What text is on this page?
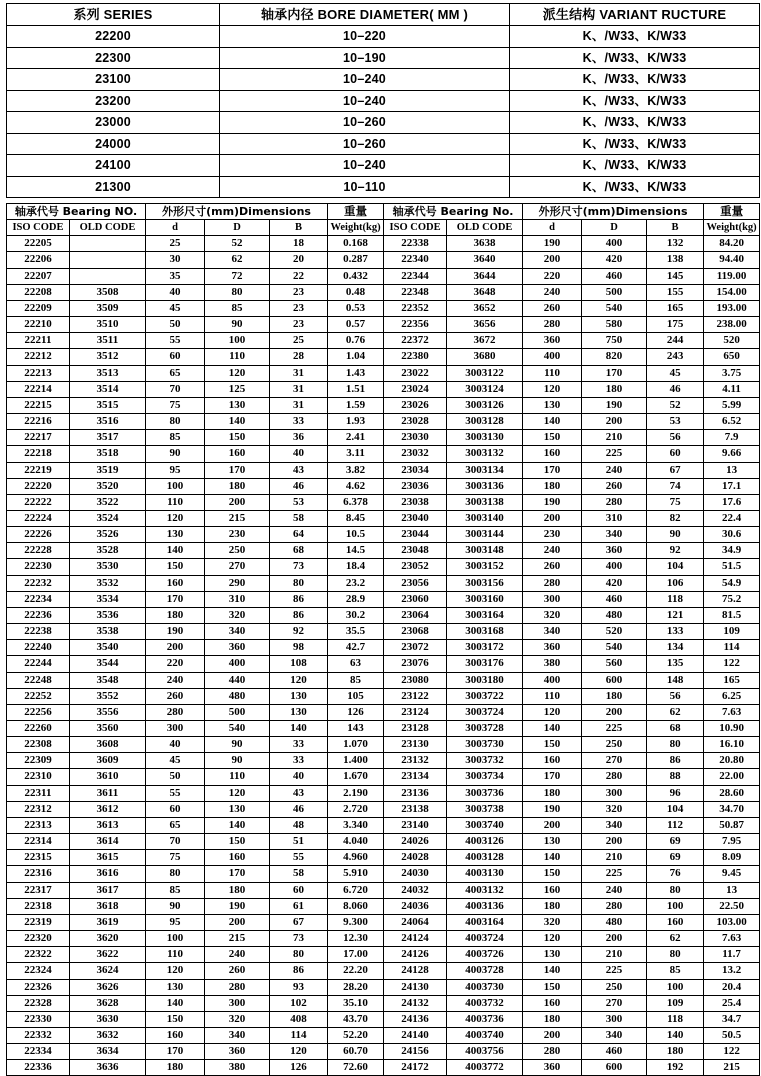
系列 SERIES	轴承内径 BORE DIAMETER( MM )	派生结构 VARIANT RUCTURE
22200	10–220	K、/W33、K/W33
22300	10–190	K、/W33、K/W33
23100	10–240	K、/W33、K/W33
23200	10–240	K、/W33、K/W33
23000	10–260	K、/W33、K/W33
24000	10–260	K、/W33、K/W33
24100	10–240	K、/W33、K/W33
21300	10–110	K、/W33、K/W33
轴承代号 Bearing NO.		外形尺寸(mm)Dimensions			重量	轴承代号 Bearing No.		外形尺寸(mm)Dimensions			重量
ISO CODE	OLD CODE	d	D	B	Weight(kg)	ISO CODE	OLD CODE	d	D	B	Weight(kg)
22205		25	52	18	0.168	22338	3638	190	400	132	84.20
22206		30	62	20	0.287	22340	3640	200	420	138	94.40
22207		35	72	22	0.432	22344	3644	220	460	145	119.00
22208	3508	40	80	23	0.48	22348	3648	240	500	155	154.00
22209	3509	45	85	23	0.53	22352	3652	260	540	165	193.00
22210	3510	50	90	23	0.57	22356	3656	280	580	175	238.00
22211	3511	55	100	25	0.76	22372	3672	360	750	244	520
22212	3512	60	110	28	1.04	22380	3680	400	820	243	650
22213	3513	65	120	31	1.43	23022	3003122	110	170	45	3.75
22214	3514	70	125	31	1.51	23024	3003124	120	180	46	4.11
22215	3515	75	130	31	1.59	23026	3003126	130	190	52	5.99
22216	3516	80	140	33	1.93	23028	3003128	140	200	53	6.52
22217	3517	85	150	36	2.41	23030	3003130	150	210	56	7.9
22218	3518	90	160	40	3.11	23032	3003132	160	225	60	9.66
22219	3519	95	170	43	3.82	23034	3003134	170	240	67	13
22220	3520	100	180	46	4.62	23036	3003136	180	260	74	17.1
22222	3522	110	200	53	6.378	23038	3003138	190	280	75	17.6
22224	3524	120	215	58	8.45	23040	3003140	200	310	82	22.4
22226	3526	130	230	64	10.5	23044	3003144	230	340	90	30.6
22228	3528	140	250	68	14.5	23048	3003148	240	360	92	34.9
22230	3530	150	270	73	18.4	23052	3003152	260	400	104	51.5
22232	3532	160	290	80	23.2	23056	3003156	280	420	106	54.9
22234	3534	170	310	86	28.9	23060	3003160	300	460	118	75.2
22236	3536	180	320	86	30.2	23064	3003164	320	480	121	81.5
22238	3538	190	340	92	35.5	23068	3003168	340	520	133	109
22240	3540	200	360	98	42.7	23072	3003172	360	540	134	114
22244	3544	220	400	108	63	23076	3003176	380	560	135	122
22248	3548	240	440	120	85	23080	3003180	400	600	148	165
22252	3552	260	480	130	105	23122	3003722	110	180	56	6.25
22256	3556	280	500	130	126	23124	3003724	120	200	62	7.63
22260	3560	300	540	140	143	23128	3003728	140	225	68	10.90
22308	3608	40	90	33	1.070	23130	3003730	150	250	80	16.10
22309	3609	45	90	33	1.400	23132	3003732	160	270	86	20.80
22310	3610	50	110	40	1.670	23134	3003734	170	280	88	22.00
22311	3611	55	120	43	2.190	23136	3003736	180	300	96	28.60
22312	3612	60	130	46	2.720	23138	3003738	190	320	104	34.70
22313	3613	65	140	48	3.340	23140	3003740	200	340	112	50.87
22314	3614	70	150	51	4.040	24026	4003126	130	200	69	7.95
22315	3615	75	160	55	4.960	24028	4003128	140	210	69	8.09
22316	3616	80	170	58	5.910	24030	4003130	150	225	76	9.45
22317	3617	85	180	60	6.720	24032	4003132	160	240	80	13
22318	3618	90	190	61	8.060	24036	4003136	180	280	100	22.50
22319	3619	95	200	67	9.300	24064	4003164	320	480	160	103.00
22320	3620	100	215	73	12.30	24124	4003724	120	200	62	7.63
22322	3622	110	240	80	17.00	24126	4003726	130	210	80	11.7
22324	3624	120	260	86	22.20	24128	4003728	140	225	85	13.2
22326	3626	130	280	93	28.20	24130	4003730	150	250	100	20.4
22328	3628	140	300	102	35.10	24132	4003732	160	270	109	25.4
22330	3630	150	320	408	43.70	24136	4003736	180	300	118	34.7
22332	3632	160	340	114	52.20	24140	4003740	200	340	140	50.5
22334	3634	170	360	120	60.70	24156	4003756	280	460	180	122
22336	3636	180	380	126	72.60	24172	4003772	360	600	192	215
